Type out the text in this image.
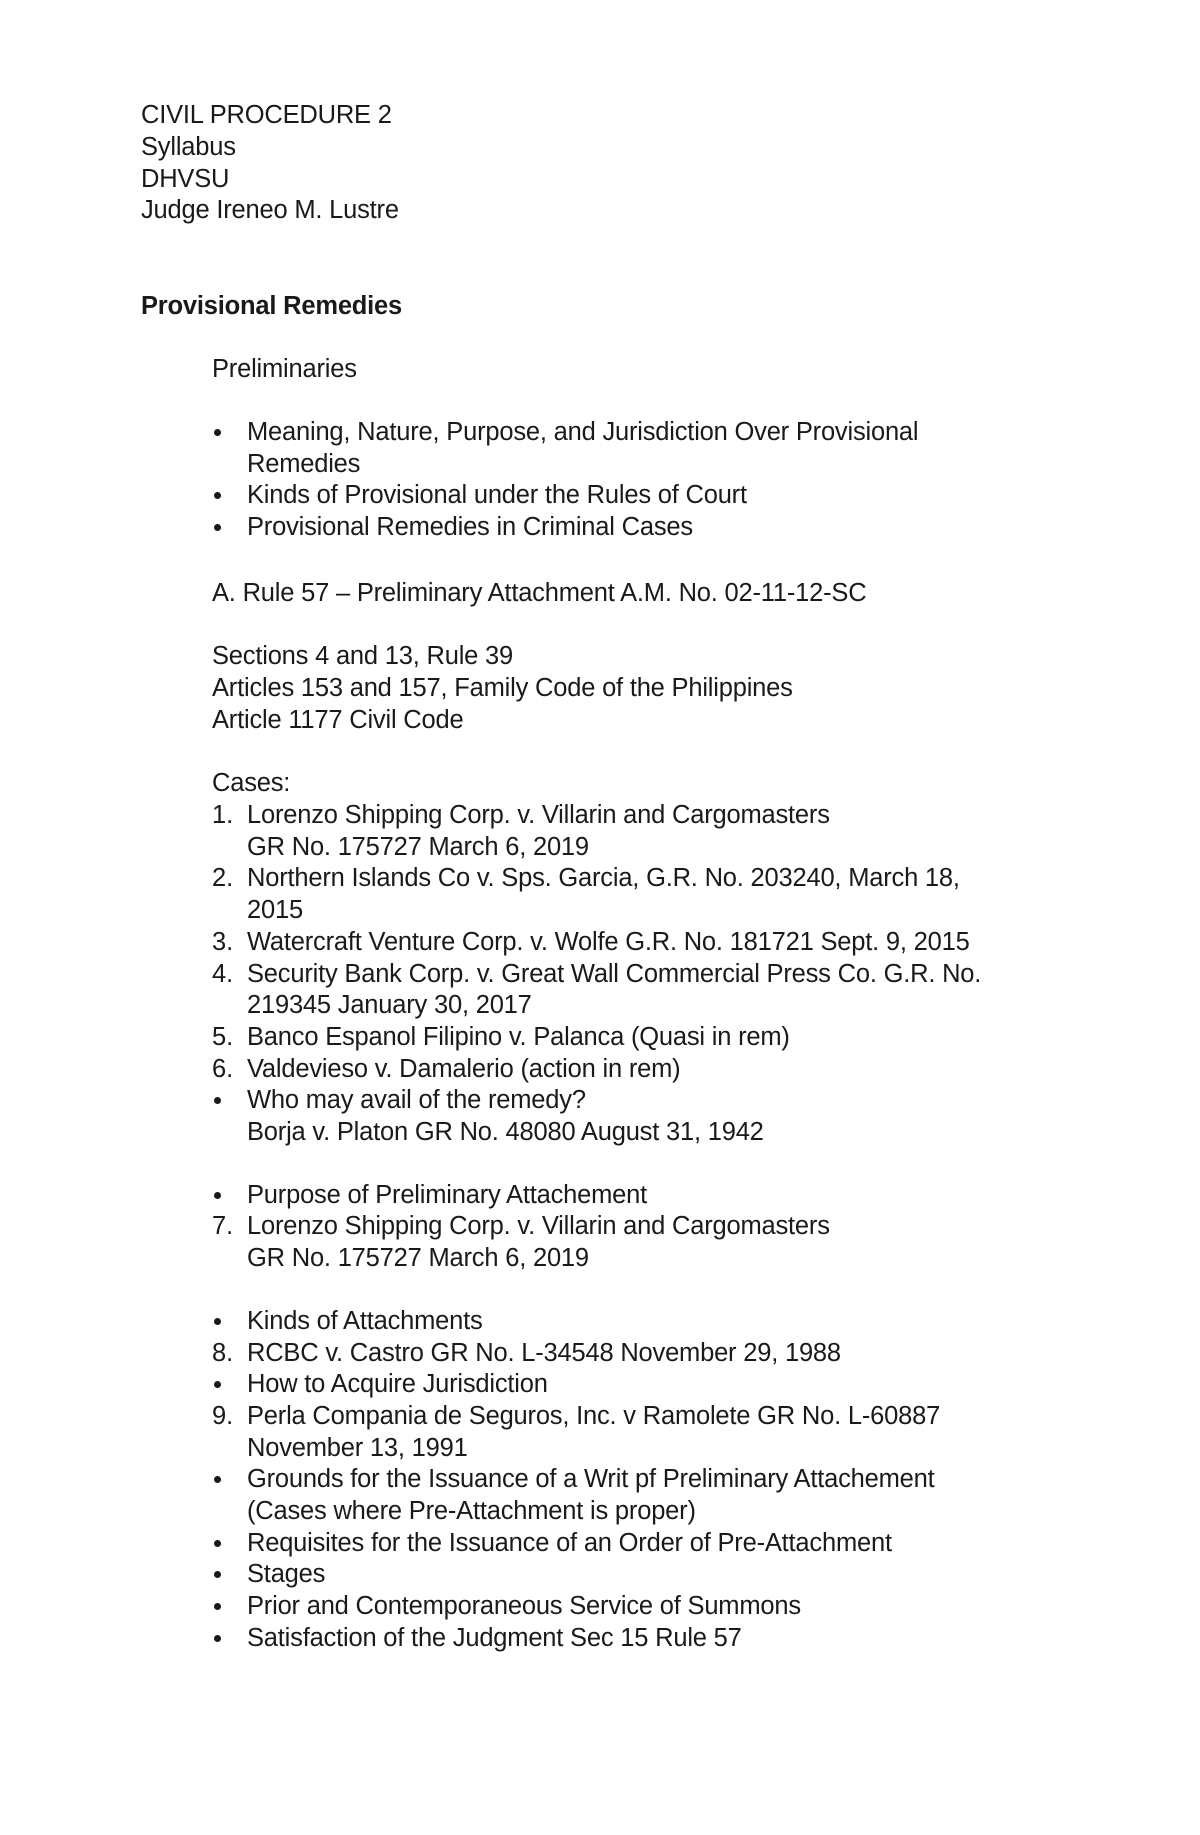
CIVIL PROCEDURE 2
Syllabus
DHVSU
Judge Ireneo M. Lustre
Provisional Remedies
Preliminaries
Meaning, Nature, Purpose, and Jurisdiction Over Provisional
Remedies
Kinds of Provisional under the Rules of Court
Provisional Remedies in Criminal Cases
A. Rule 57 – Preliminary Attachment A.M. No. 02-11-12-SC
Sections 4 and 13, Rule 39
Articles 153 and 157, Family Code of the Philippines
Article 1177 Civil Code
Cases:
1. Lorenzo Shipping Corp. v. Villarin and Cargomasters
GR No. 175727 March 6, 2019
2. Northern Islands Co v. Sps. Garcia, G.R. No. 203240, March 18,
2015
3. Watercraft Venture Corp. v. Wolfe G.R. No. 181721 Sept. 9, 2015
4. Security Bank Corp. v. Great Wall Commercial Press Co. G.R. No.
219345 January 30, 2017
5. Banco Espanol Filipino v. Palanca (Quasi in rem)
6. Valdevieso v. Damalerio (action in rem)
Who may avail of the remedy?
Borja v. Platon GR No. 48080 August 31, 1942
Purpose of Preliminary Attachement
7. Lorenzo Shipping Corp. v. Villarin and Cargomasters
GR No. 175727 March 6, 2019
Kinds of Attachments
8. RCBC v. Castro GR No. L-34548 November 29, 1988
How to Acquire Jurisdiction
9. Perla Compania de Seguros, Inc. v Ramolete GR No. L-60887
November 13, 1991
Grounds for the Issuance of a Writ pf Preliminary Attachement
(Cases where Pre-Attachment is proper)
Requisites for the Issuance of an Order of Pre-Attachment
Stages
Prior and Contemporaneous Service of Summons
Satisfaction of the Judgment Sec 15 Rule 57
